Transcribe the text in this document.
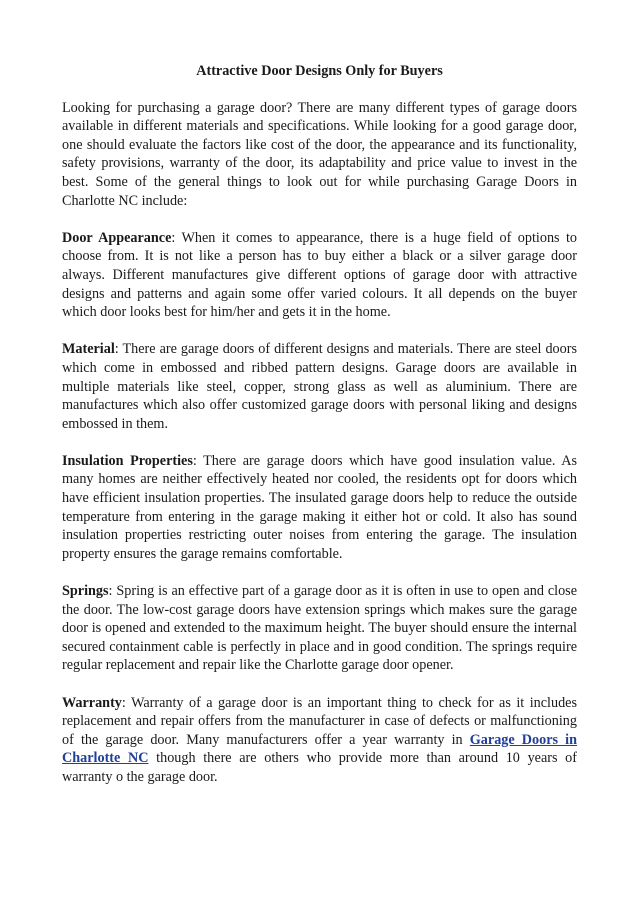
Attractive Door Designs Only for Buyers

Looking for purchasing a garage door? There are many different types of garage doors available in different materials and specifications. While looking for a good garage door, one should evaluate the factors like cost of the door, the appearance and its functionality, safety provisions, warranty of the door, its adaptability and price value to invest in the best. Some of the general things to look out for while purchasing Garage Doors in Charlotte NC include:

Door Appearance: When it comes to appearance, there is a huge field of options to choose from. It is not like a person has to buy either a black or a silver garage door always. Different manufactures give different options of garage door with attractive designs and patterns and again some offer varied colours. It all depends on the buyer which door looks best for him/her and gets it in the home.

Material: There are garage doors of different designs and materials. There are steel doors which come in embossed and ribbed pattern designs. Garage doors are available in multiple materials like steel, copper, strong glass as well as aluminium. There are manufactures which also offer customized garage doors with personal liking and designs embossed in them.

Insulation Properties: There are garage doors which have good insulation value. As many homes are neither effectively heated nor cooled, the residents opt for doors which have efficient insulation properties. The insulated garage doors help to reduce the outside temperature from entering in the garage making it either hot or cold. It also has sound insulation properties restricting outer noises from entering the garage. The insulation property ensures the garage remains comfortable.

Springs: Spring is an effective part of a garage door as it is often in use to open and close the door. The low-cost garage doors have extension springs which makes sure the garage door is opened and extended to the maximum height. The buyer should ensure the internal secured containment cable is perfectly in place and in good condition. The springs require regular replacement and repair like the Charlotte garage door opener.

Warranty: Warranty of a garage door is an important thing to check for as it includes replacement and repair offers from the manufacturer in case of defects or malfunctioning of the garage door. Many manufacturers offer a year warranty in Garage Doors in Charlotte NC though there are others who provide more than around 10 years of warranty o the garage door.
